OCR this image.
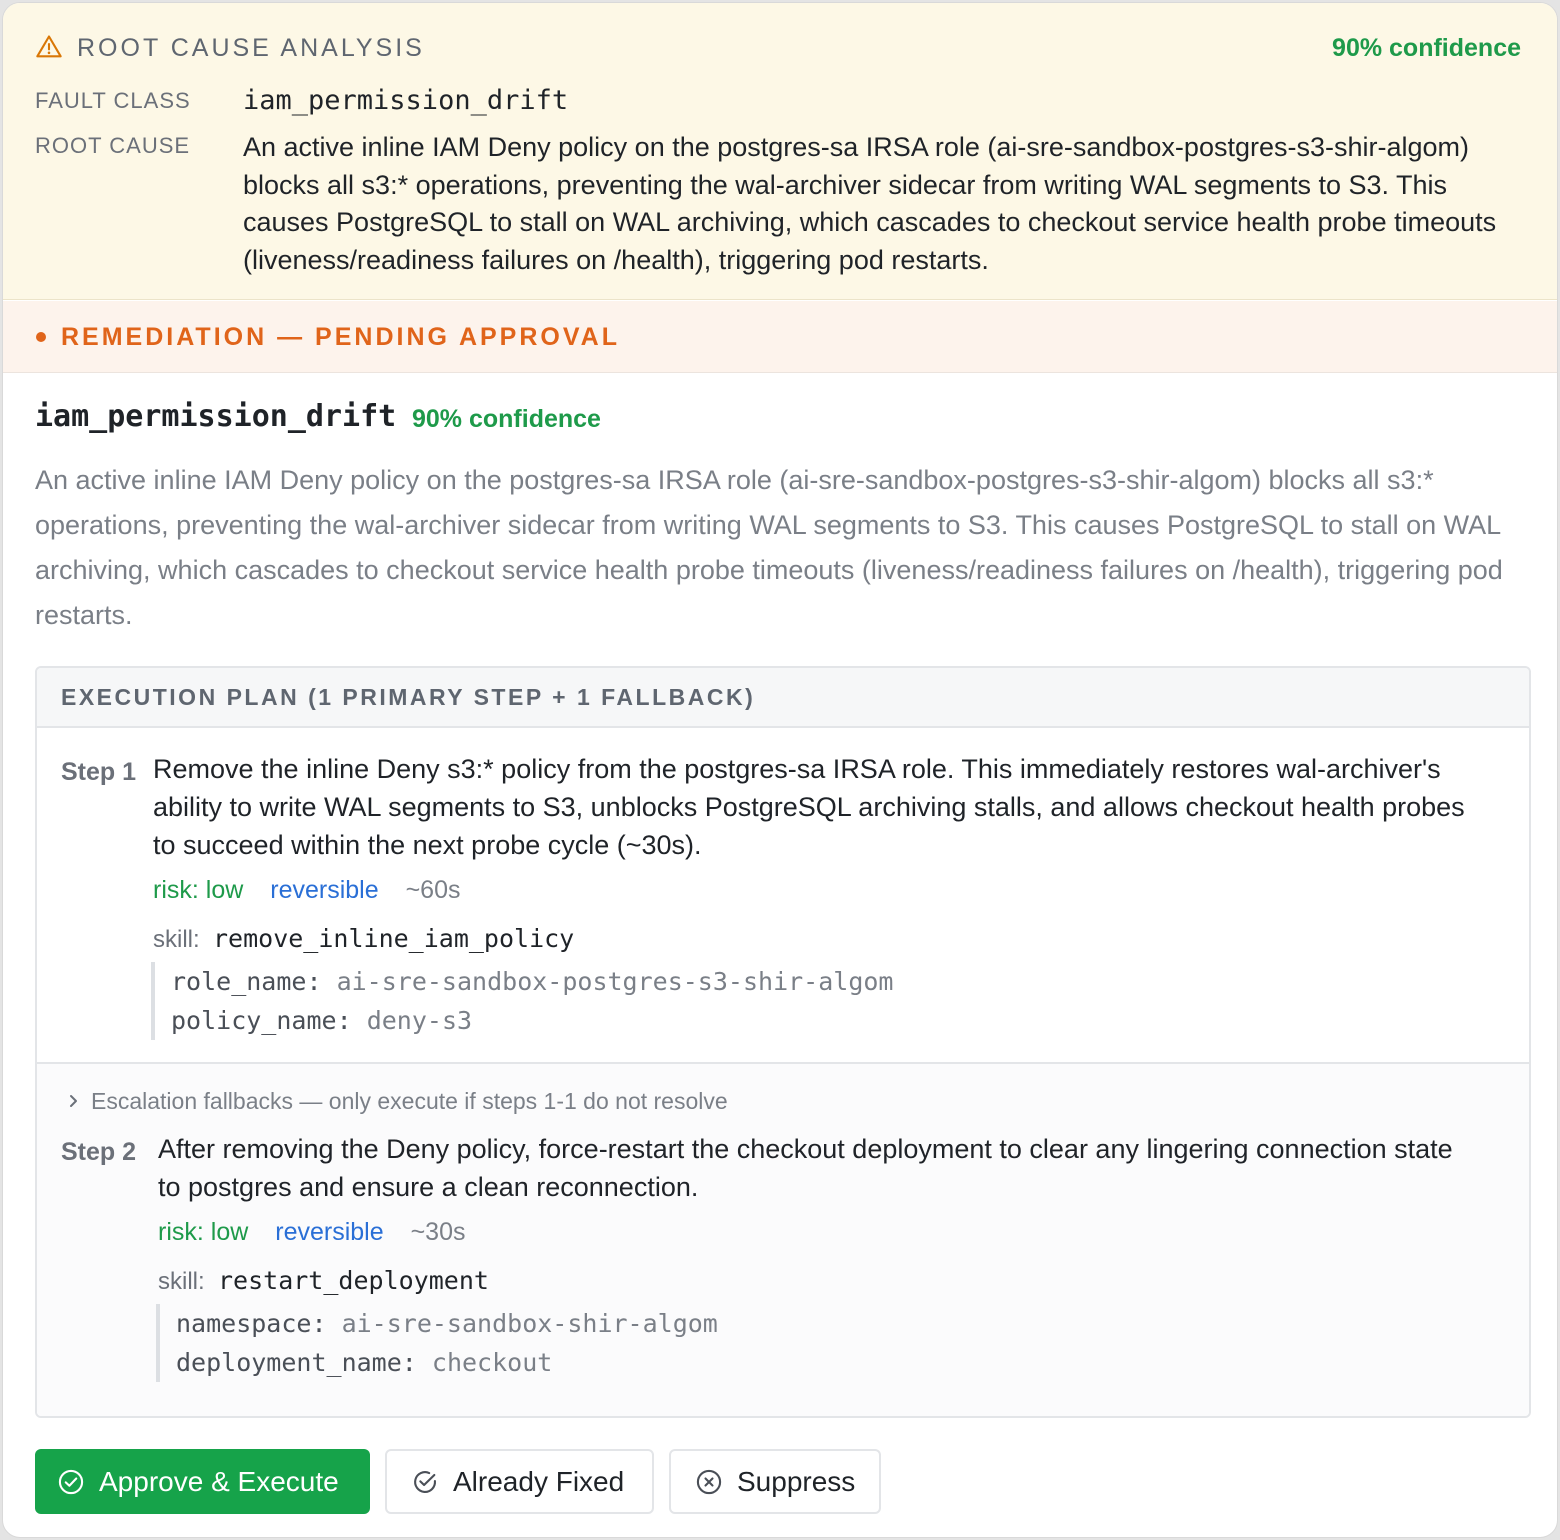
ROOT CAUSE ANALYSIS	90% confidence
FAULT CLASS iam_permission_drift
ROOT CAUSE An active inline IAM Deny policy on the postgres-sa IRSA role (ai-sre-sandbox-postgres-s3-shir-algom) blocks all s3:* operations, preventing the wal-archiver sidecar from writing WAL segments to S3. This causes PostgreSQL to stall on WAL archiving, which cascades to checkout service health probe timeouts (liveness/readiness failures on /health), triggering pod restarts.

REMEDIATION — PENDING APPROVAL
iam_permission_drift 90% confidence

An active inline IAM Deny policy on the postgres-sa IRSA role (ai-sre-sandbox-postgres-s3-shir-algom) blocks all s3:* operations, preventing the wal-archiver sidecar from writing WAL segments to S3. This causes PostgreSQL to stall on WAL archiving, which cascades to checkout service health probe timeouts (liveness/readiness failures on /health), triggering pod restarts.

EXECUTION PLAN (1 PRIMARY STEP + 1 FALLBACK)
Step 1 Remove the inline Deny s3:* policy from the postgres-sa IRSA role. This immediately restores wal-archiver's ability to write WAL segments to S3, unblocks PostgreSQL archiving stalls, and allows checkout health probes to succeed within the next probe cycle (~30s).

risk: low reversible ~60s
skill: remove_inline_iam_policy
role_name: ai-sre-sandbox-postgres-s3-shir-algom
policy_name: deny-s3
Escalation fallbacks — only execute if steps 1-1 do not resolve
Step 2 After removing the Deny policy, force-restart the checkout deployment to clear any lingering connection state to postgres and ensure a clean reconnection.

risk: low reversible ~30s
skill: restart_deployment
namespace: ai-sre-sandbox-shir-algom
deployment_name: checkout
Approve & Execute	Already Fixed	Suppress
